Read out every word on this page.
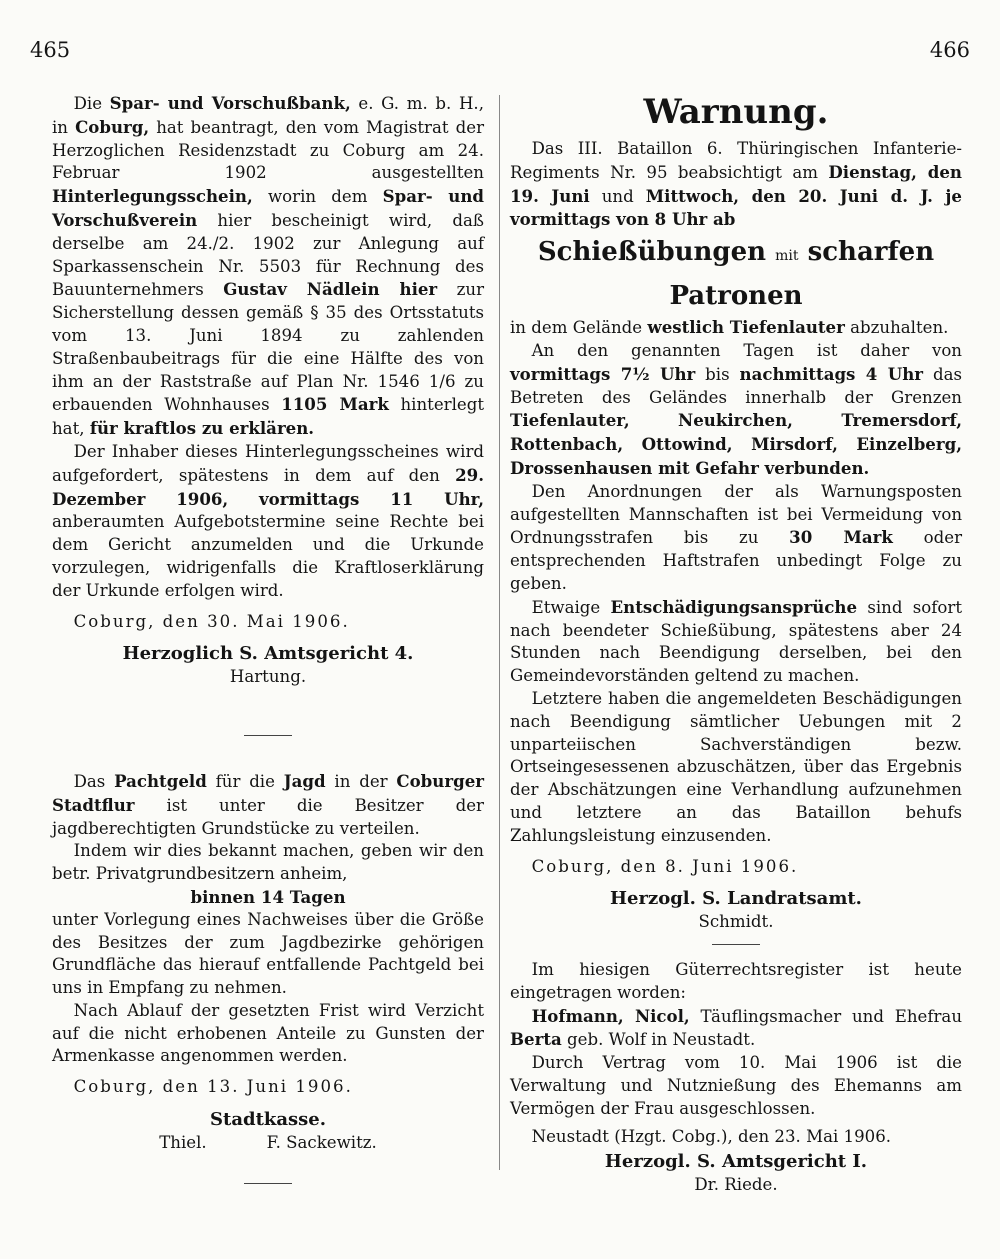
465	466

Die Spar- und Vorschußbank, e. G. m. b. H., in Coburg, hat beantragt, den vom Magistrat der Herzoglichen Residenzstadt zu Coburg am 24. Februar 1902 ausgestellten Hinterlegungsschein, worin dem Spar- und Vorschußverein hier bescheinigt wird, daß derselbe am 24./2. 1902 zur Anlegung auf Sparkassenschein Nr. 5503 für Rechnung des Bauunternehmers Gustav Nädlein hier zur Sicherstellung dessen gemäß § 35 des Ortsstatuts vom 13. Juni 1894 zu zahlenden Straßenbaubeitrags für die eine Hälfte des von ihm an der Raststraße auf Plan Nr. 1546 1/6 zu erbauenden Wohnhauses 1105 Mark hinterlegt hat, für kraftlos zu erklären.

Der Inhaber dieses Hinterlegungsscheines wird aufgefordert, spätestens in dem auf den 29. Dezember 1906, vormittags 11 Uhr, anberaumten Aufgebotstermine seine Rechte bei dem Gericht anzumelden und die Urkunde vorzulegen, widrigenfalls die Kraftloserklärung der Urkunde erfolgen wird.

Coburg, den 30. Mai 1906.

Herzoglich S. Amtsgericht 4.

Hartung.

Das Pachtgeld für die Jagd in der Coburger Stadtflur ist unter die Besitzer der jagdberechtigten Grundstücke zu verteilen.

Indem wir dies bekannt machen, geben wir den betr. Privatgrundbesitzern anheim,

binnen 14 Tagen

unter Vorlegung eines Nachweises über die Größe des Besitzes der zum Jagdbezirke gehörigen Grundfläche das hierauf entfallende Pachtgeld bei uns in Empfang zu nehmen.

Nach Ablauf der gesetzten Frist wird Verzicht auf die nicht erhobenen Anteile zu Gunsten der Armenkasse angenommen werden.

Coburg, den 13. Juni 1906.

Stadtkasse.

Thiel.	F. Sackewitz.

Warnung.

Das III. Bataillon 6. Thüringischen Infanterie-Regiments Nr. 95 beabsichtigt am Dienstag, den 19. Juni und Mittwoch, den 20. Juni d. J. je vormittags von 8 Uhr ab

Schießübungen mit scharfen Patronen

in dem Gelände westlich Tiefenlauter abzuhalten.

An den genannten Tagen ist daher von vormittags 7½ Uhr bis nachmittags 4 Uhr das Betreten des Geländes innerhalb der Grenzen Tiefenlauter, Neukirchen, Tremersdorf, Rottenbach, Ottowind, Mirsdorf, Einzelberg, Drossenhausen mit Gefahr verbunden.

Den Anordnungen der als Warnungsposten aufgestellten Mannschaften ist bei Vermeidung von Ordnungsstrafen bis zu 30 Mark oder entsprechenden Haftstrafen unbedingt Folge zu geben.

Etwaige Entschädigungsansprüche sind sofort nach beendeter Schießübung, spätestens aber 24 Stunden nach Beendigung derselben, bei den Gemeindevorständen geltend zu machen.

Letztere haben die angemeldeten Beschädigungen nach Beendigung sämtlicher Uebungen mit 2 unparteiischen Sachverständigen bezw. Ortseingesessenen abzuschätzen, über das Ergebnis der Abschätzungen eine Verhandlung aufzunehmen und letztere an das Bataillon behufs Zahlungsleistung einzusenden.

Coburg, den 8. Juni 1906.

Herzogl. S. Landratsamt.

Schmidt.

Im hiesigen Güterrechtsregister ist heute eingetragen worden:

Hofmann, Nicol, Täuflingsmacher und Ehefrau Berta geb. Wolf in Neustadt.

Durch Vertrag vom 10. Mai 1906 ist die Verwaltung und Nutznießung des Ehemanns am Vermögen der Frau ausgeschlossen.

Neustadt (Hzgt. Cobg.), den 23. Mai 1906.

Herzogl. S. Amtsgericht I.

Dr. Riede.
